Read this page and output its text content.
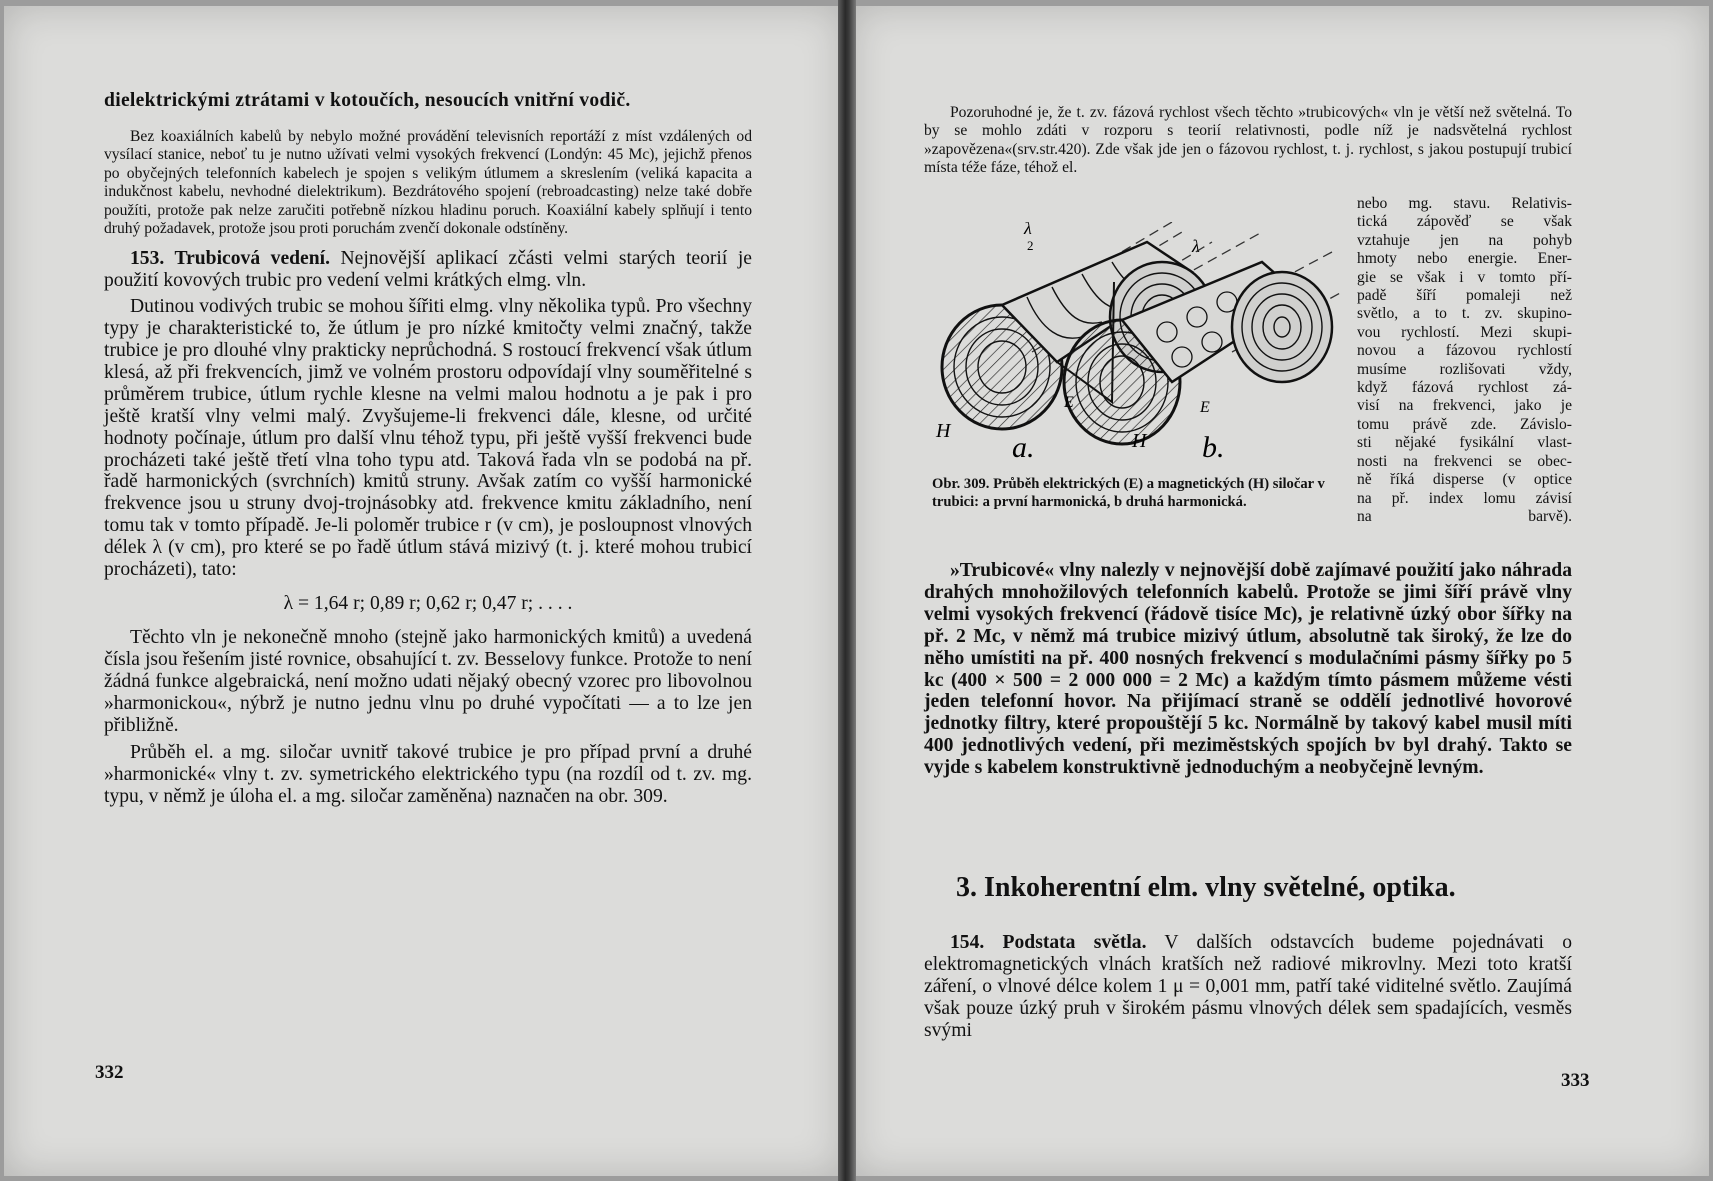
dielektrickými ztrátami v kotoučích, nesoucích vnitřní vodič.

Bez koaxiálních kabelů by nebylo možné provádění televisních reportáží z míst vzdálených od vysílací stanice, neboť tu je nutno užívati velmi vysokých frekvencí (Londýn: 45 Mc), jejichž přenos po obyčejných telefonních kabelech je spojen s velikým útlumem a skreslením (veliká kapacita a indukčnost kabelu, nevhodné dielektrikum). Bezdrátového spojení (rebroadcasting) nelze také dobře použíti, protože pak nelze zaručiti potřebně nízkou hladinu poruch. Koaxiální kabely splňují i tento druhý požadavek, protože jsou proti poruchám zvenčí dokonale odstíněny.

153. Trubicová vedení. Nejnovější aplikací zčásti velmi starých teorií je použití kovových trubic pro vedení velmi krátkých elmg. vln.

Dutinou vodivých trubic se mohou šířiti elmg. vlny několika typů. Pro všechny typy je charakteristické to, že útlum je pro nízké kmitočty velmi značný, takže trubice je pro dlouhé vlny prakticky neprůchodná. S rostoucí frekvencí však útlum klesá, až při frekvencích, jimž ve volném prostoru odpovídají vlny souměřitelné s průměrem trubice, útlum rychle klesne na velmi malou hodnotu a je pak i pro ještě kratší vlny velmi malý. Zvyšujeme-li frekvenci dále, klesne, od určité hodnoty počínaje, útlum pro další vlnu téhož typu, při ještě vyšší frekvenci bude procházeti také ještě třetí vlna toho typu atd. Taková řada vln se podobá na př. řadě harmonických (svrchních) kmitů struny. Avšak zatím co vyšší harmonické frekvence jsou u struny dvoj-trojnásobky atd. frekvence kmitu základního, není tomu tak v tomto případě. Je-li poloměr trubice r (v cm), je posloupnost vlnových délek λ (v cm), pro které se po řadě útlum stává mizivý (t. j. které mohou trubicí procházeti), tato:

λ = 1,64 r; 0,89 r; 0,62 r; 0,47 r; . . . .

Těchto vln je nekonečně mnoho (stejně jako harmonických kmitů) a uvedená čísla jsou řešením jisté rovnice, obsahující t. zv. Besselovy funkce. Protože to není žádná funkce algebraická, není možno udati nějaký obecný vzorec pro libovolnou »harmonickou«, nýbrž je nutno jednu vlnu po druhé vypočítati — a to lze jen přibližně.

Průběh el. a mg. siločar uvnitř takové trubice je pro případ první a druhé »harmonické« vlny t. zv. symetrického elektrického typu (na rozdíl od t. zv. mg. typu, v němž je úloha el. a mg. siločar zaměněna) naznačen na obr. 309.

332

Pozoruhodné je, že t. zv. fázová rychlost všech těchto »trubicových« vln je větší než světelná. To by se mohlo zdáti v rozporu s teorií relativnosti, podle níž je nadsvětelná rychlost »zapovězena«(srv.str.420). Zde však jde jen o fázovou rychlost, t. j. rychlost, s jakou postupují trubicí místa téže fáze, téhož el.

nebo mg. stavu. Relativis-
tická zápověď se však
vztahuje jen na pohyb
hmoty nebo energie. Ener-
gie se však i v tomto pří-
padě šíří pomaleji než
světlo, a to t. zv. skupino-
vou rychlostí. Mezi skupi-
novou a fázovou rychlostí
musíme rozlišovati vždy,
když fázová rychlost zá-
visí na frekvenci, jako je
tomu právě zde. Závislo-
sti nějaké fysikální vlast-
nosti na frekvenci se obec-
ně říká disperse (v optice
na př. index lomu závisí
na barvě).
λ
2	λ
H
E
a.	H
E
b.
Obr. 309. Průběh elektrických (E) a magnetických (H) siločar v trubici: a první harmonická, b druhá harmonická.

»Trubicové« vlny nalezly v nejnovější době zajímavé použití jako náhrada drahých mnohožilových telefonních kabelů. Protože se jimi šíří právě vlny velmi vysokých frekvencí (řádově tisíce Mc), je relativně úzký obor šířky na př. 2 Mc, v němž má trubice mizivý útlum, absolutně tak široký, že lze do něho umístiti na př. 400 nosných frekvencí s modulačními pásmy šířky po 5 kc (400 × 500 = 2 000 000 = 2 Mc) a každým tímto pásmem můžeme vésti jeden telefonní hovor. Na přijímací straně se oddělí jednotlivé hovorové jednotky filtry, které propouštějí 5 kc. Normálně by takový kabel musil míti 400 jednotlivých vedení, při meziměstských spojích bv byl drahý. Takto se vyjde s kabelem konstruktivně jednoduchým a neobyčejně levným.

3. Inkoherentní elm. vlny světelné, optika.

154. Podstata světla. V dalších odstavcích budeme pojednávati o elektromagnetických vlnách kratších než radiové mikrovlny. Mezi toto kratší záření, o vlnové délce kolem 1 μ = 0,001 mm, patří také viditelné světlo. Zaujímá však pouze úzký pruh v širokém pásmu vlnových délek sem spadajících, vesměs svými

333
